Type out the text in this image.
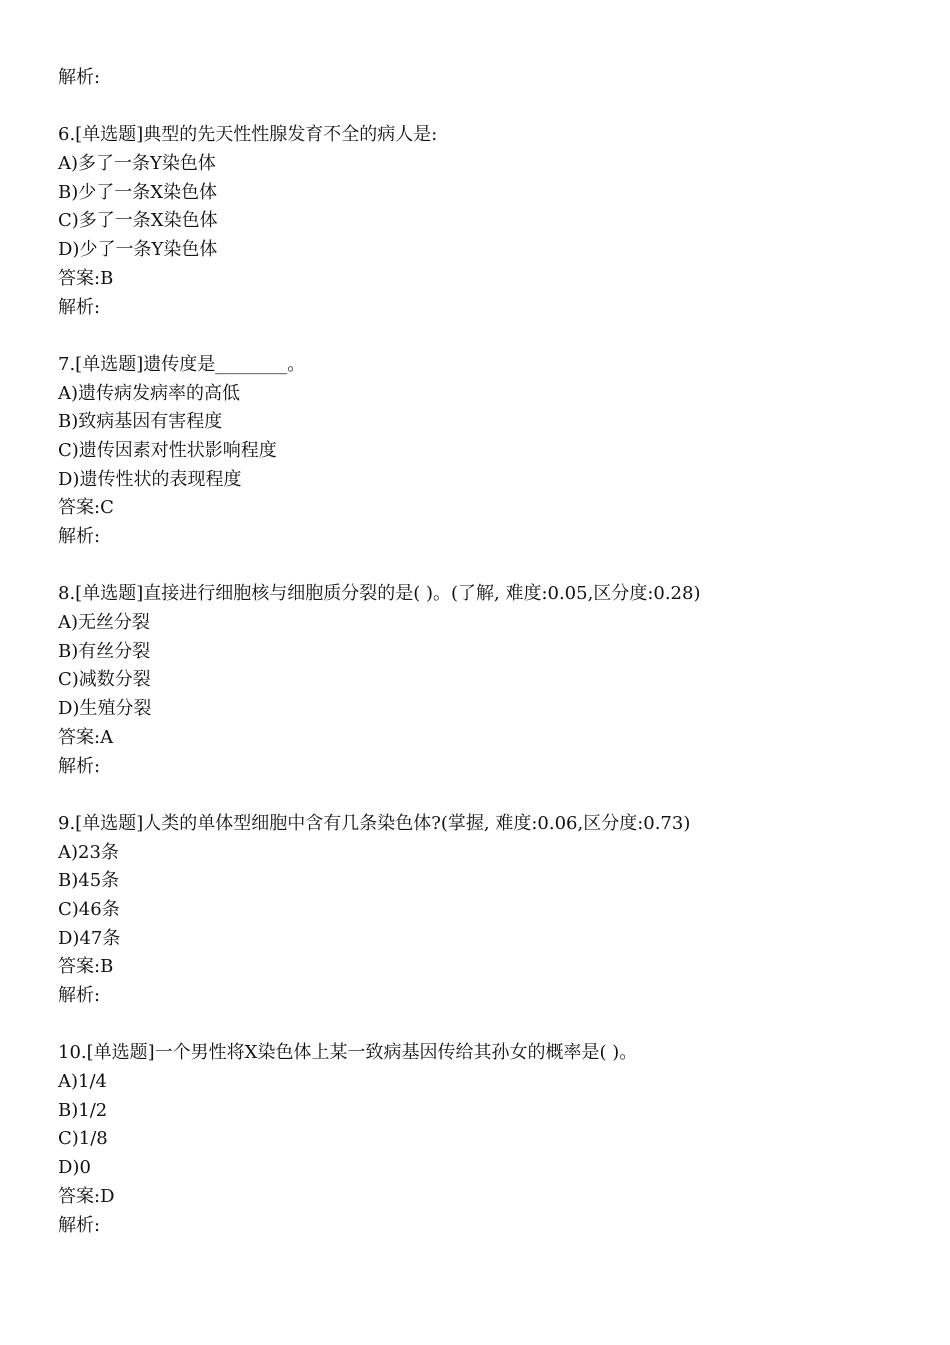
解析:
6.[单选题]典型的先天性性腺发育不全的病人是:
A)多了一条Y染色体
B)少了一条X染色体
C)多了一条X染色体
D)少了一条Y染色体
答案:B
解析:
7.[单选题]遗传度是________。
A)遗传病发病率的高低
B)致病基因有害程度
C)遗传因素对性状影响程度
D)遗传性状的表现程度
答案:C
解析:
8.[单选题]直接进行细胞核与细胞质分裂的是( )。(了解, 难度:0.05,区分度:0.28)
A)无丝分裂
B)有丝分裂
C)减数分裂
D)生殖分裂
答案:A
解析:
9.[单选题]人类的单体型细胞中含有几条染色体?(掌握, 难度:0.06,区分度:0.73)
A)23条
B)45条
C)46条
D)47条
答案:B
解析:
10.[单选题]一个男性将X染色体上某一致病基因传给其孙女的概率是( )。
A)1/4
B)1/2
C)1/8
D)0
答案:D
解析:
